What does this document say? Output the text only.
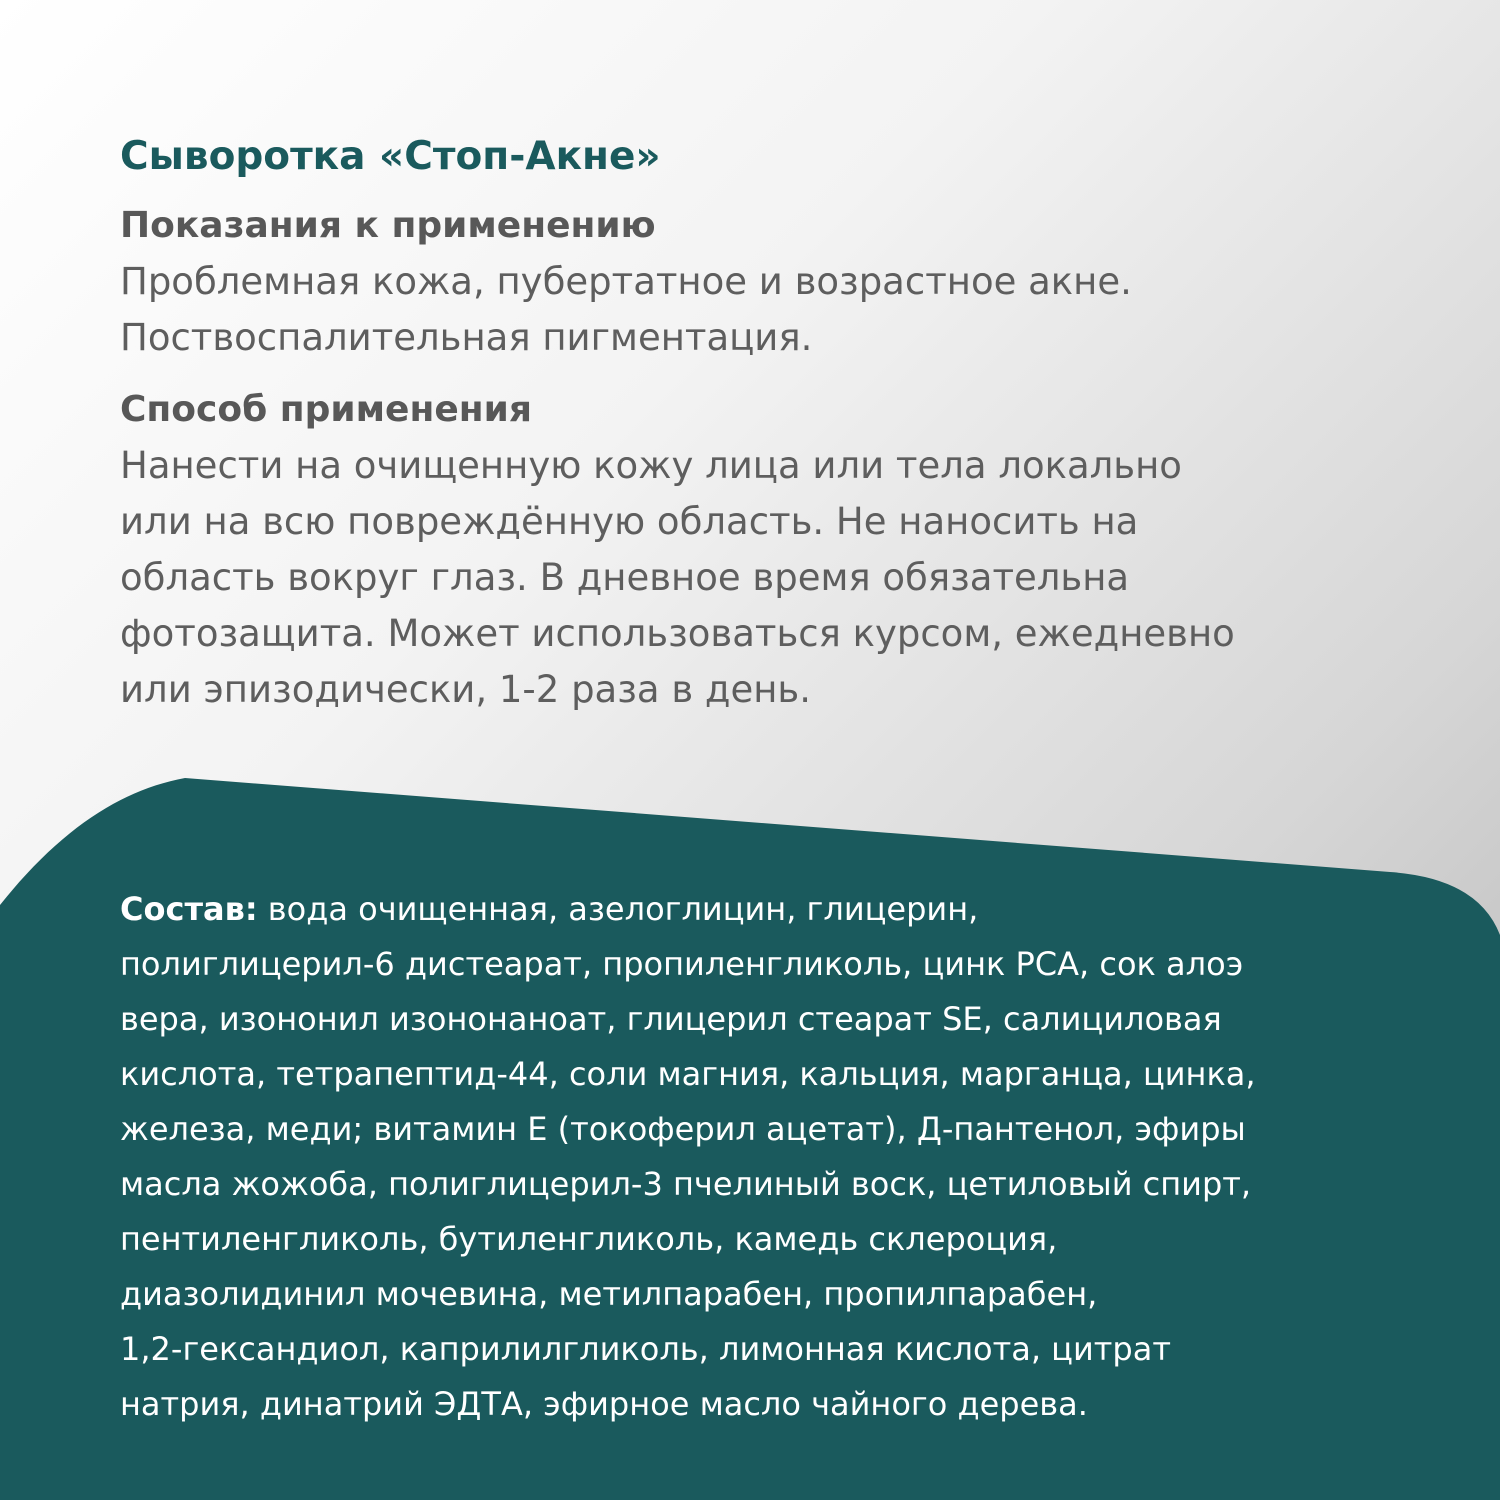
Сыворотка «Стоп-Акне»
Показания к применению

Проблемная кожа, пубертатное и возрастное акне.
Поствоспалительная пигментация.

Способ применения

Нанести на очищенную кожу лица или тела локально
или на всю повреждённую область. Не наносить на
область вокруг глаз. В дневное время обязательна
фотозащита. Может использоваться курсом, ежедневно
или эпизодически, 1-2 раза в день.

Состав: вода очищенная, азелоглицин, глицерин,
полиглицерил-6 дистеарат, пропиленгликоль, цинк PCA, сок алоэ
вера, изононил изононаноат, глицерил стеарат SE, салициловая
кислота, тетрапептид-44, соли магния, кальция, марганца, цинка,
железа, меди; витамин Е (токоферил ацетат), Д-пантенол, эфиры
масла жожоба, полиглицерил-3 пчелиный воск, цетиловый спирт,
пентиленгликоль, бутиленгликоль, камедь склероция,
диазолидинил мочевина, метилпарабен, пропилпарабен,
1,2-гександиол, каприлилгликоль, лимонная кислота, цитрат
натрия, динатрий ЭДТА, эфирное масло чайного дерева.
